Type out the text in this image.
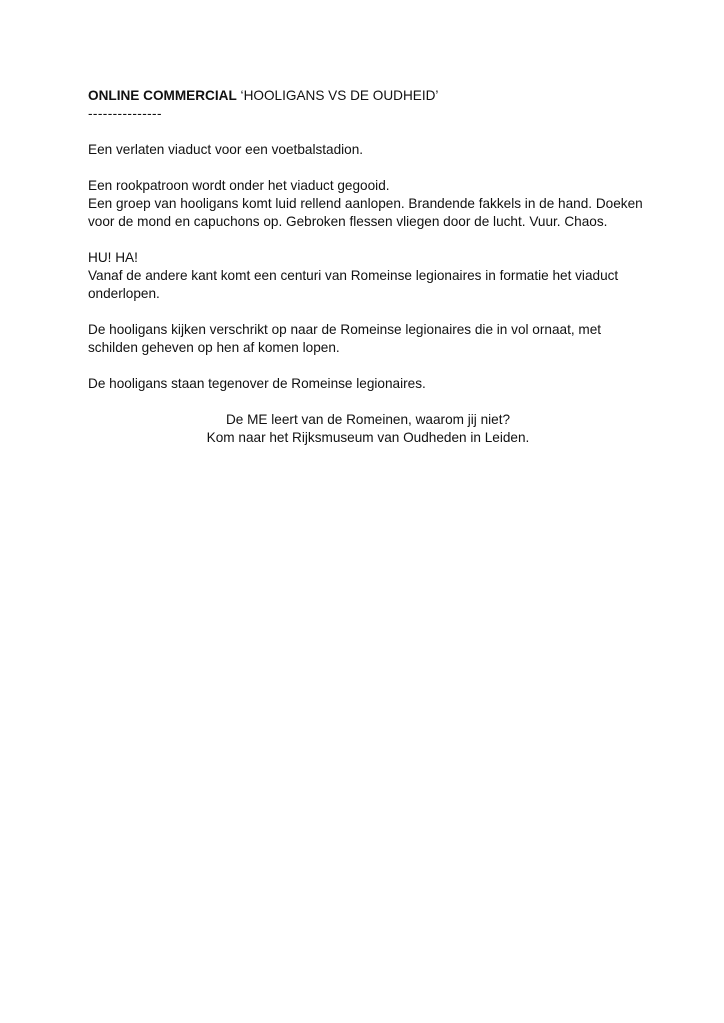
ONLINE COMMERCIAL ‘HOOLIGANS VS DE OUDHEID’

---------------

Een verlaten viaduct voor een voetbalstadion.

Een rookpatroon wordt onder het viaduct gegooid.

Een groep van hooligans komt luid rellend aanlopen. Brandende fakkels in de hand. Doeken

voor de mond en capuchons op. Gebroken flessen vliegen door de lucht. Vuur. Chaos.

HU! HA!

Vanaf de andere kant komt een centuri van Romeinse legionaires in formatie het viaduct

onderlopen.

De hooligans kijken verschrikt op naar de Romeinse legionaires die in vol ornaat, met

schilden geheven op hen af komen lopen.

De hooligans staan tegenover de Romeinse legionaires.

De ME leert van de Romeinen, waarom jij niet?

Kom naar het Rijksmuseum van Oudheden in Leiden.
